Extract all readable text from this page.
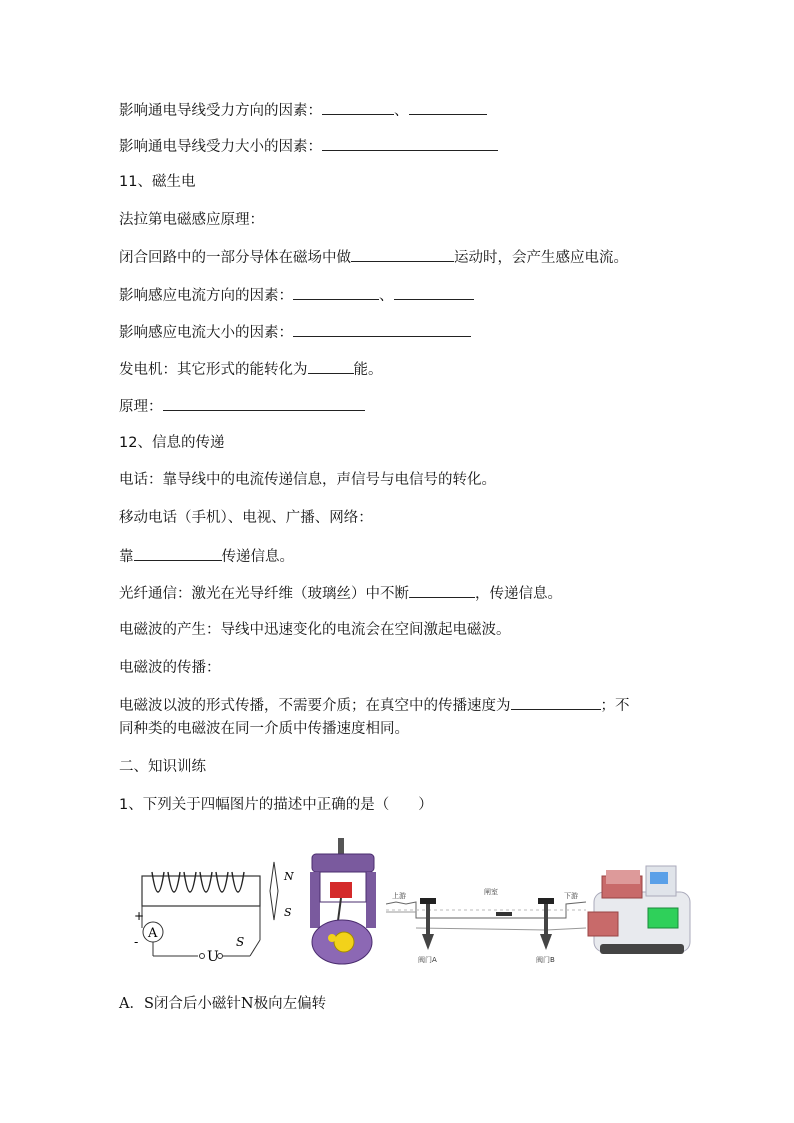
影响通电导线受力方向的因素：	、
影响通电导线受力大小的因素：
11、磁生电
法拉第电磁感应原理：
闭合回路中的一部分导体在磁场中做	运动时，会产生感应电流。
影响感应电流方向的因素：	、
影响感应电流大小的因素：
发电机：其它形式的能转化为	能。
原理：
12、信息的传递
电话：靠导线中的电流传递信息，声信号与电信号的转化。
移动电话（手机）、电视、广播、网络：
靠	传递信息。
光纤通信：激光在光导纤维（玻璃丝）中不断	，传递信息。
电磁波的产生：导线中迅速变化的电流会在空间激起电磁波。
电磁波的传播：
电磁波以波的形式传播，不需要介质；在真空中的传播速度为	；不
同种类的电磁波在同一介质中传播速度相同。
二、知识训练
1、下列关于四幅图片的描述中正确的是（　　）
A
+
-
U
S
N
S
闸室
上游	下游
阀门A	阀门B
A．S闭合后小磁针N极向左偏转
